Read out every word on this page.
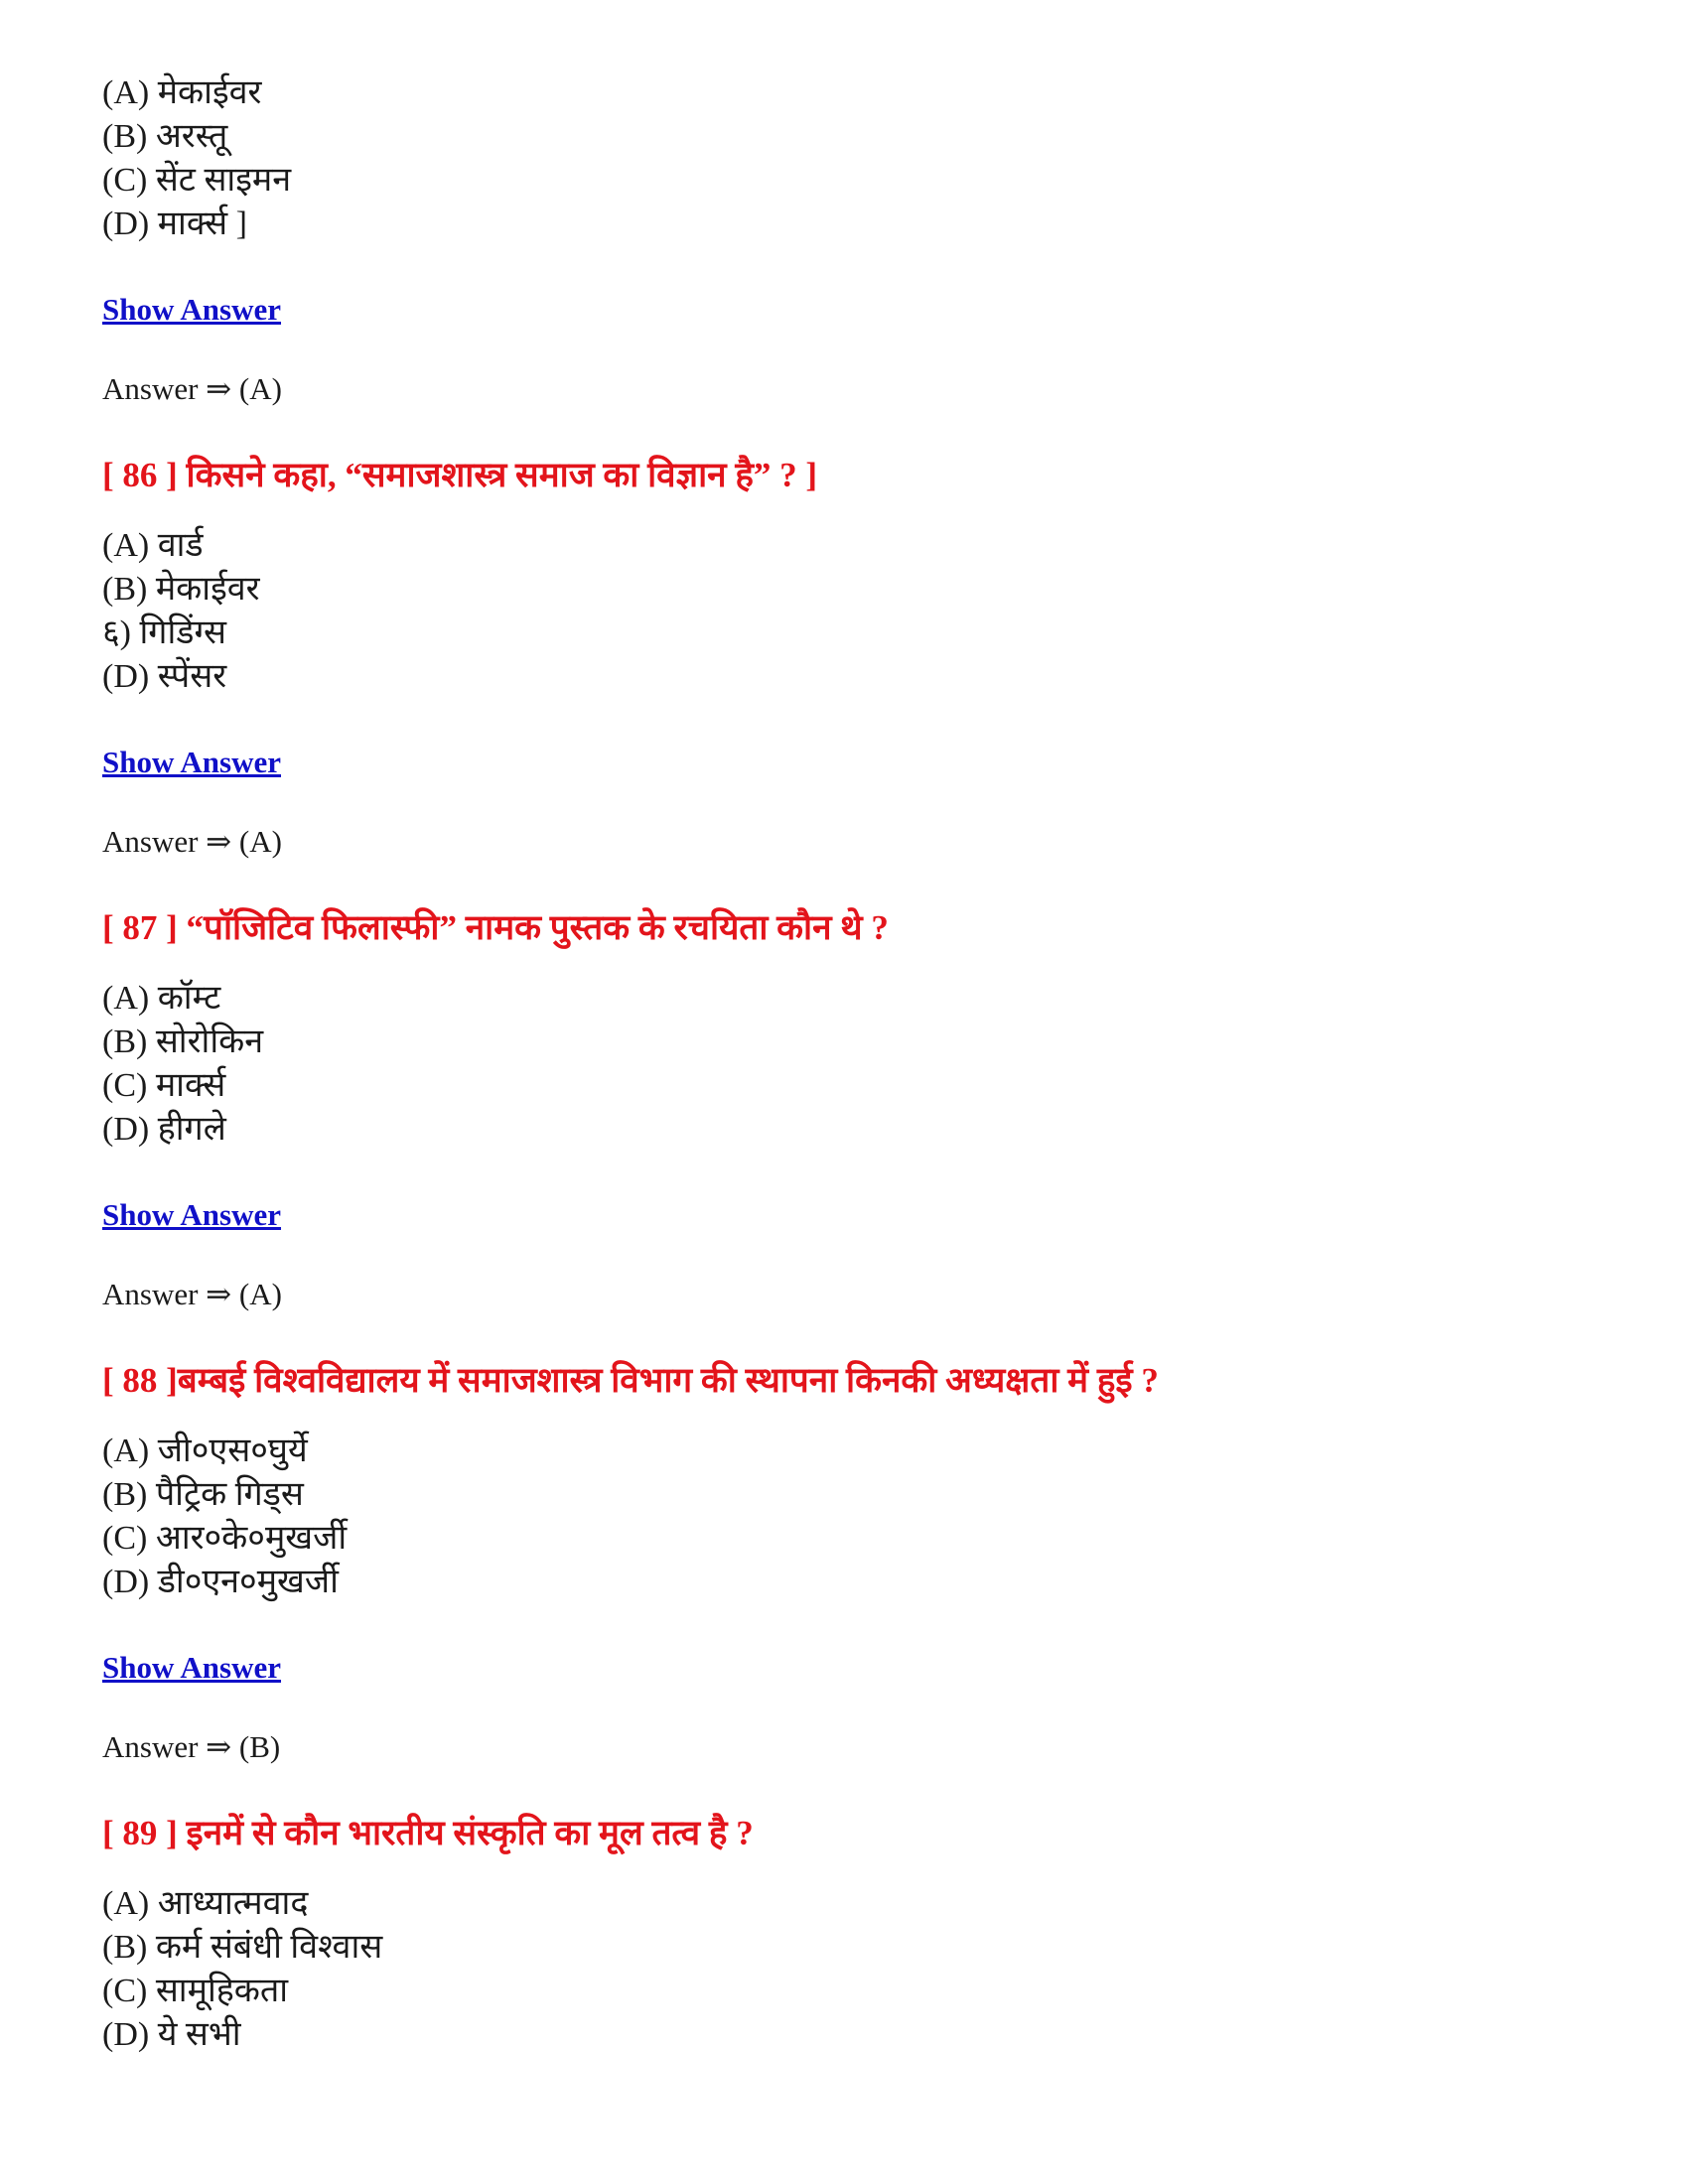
(A) मेकाईवर
(B) अरस्तू
(C) सेंट साइमन
(D) मार्क्स ]
Show Answer
Answer ⇒ (A)
[ 86 ] किसने कहा, “समाजशास्त्र समाज का विज्ञान है” ? ]
(A) वार्ड
(B) मेकाईवर
६) गिडिंग्स
(D) स्पेंसर
Show Answer
Answer ⇒ (A)
[ 87 ] “पॉजिटिव फिलास्फी” नामक पुस्तक के रचयिता कौन थे ?
(A) कॉम्ट
(B) सोरोकिन
(C) मार्क्स
(D) हीगले
Show Answer
Answer ⇒ (A)
[ 88 ]बम्बई विश्वविद्यालय में समाजशास्त्र विभाग की स्थापना किनकी अध्यक्षता में हुई ?
(A) जी०एस०घुर्ये
(B) पैट्रिक गिड्स
(C) आर०के०मुखर्जी
(D) डी०एन०मुखर्जी
Show Answer
Answer ⇒ (B)
[ 89 ] इनमें से कौन भारतीय संस्कृति का मूल तत्व है ?
(A) आध्यात्मवाद
(B) कर्म संबंधी विश्वास
(C) सामूहिकता
(D) ये सभी
